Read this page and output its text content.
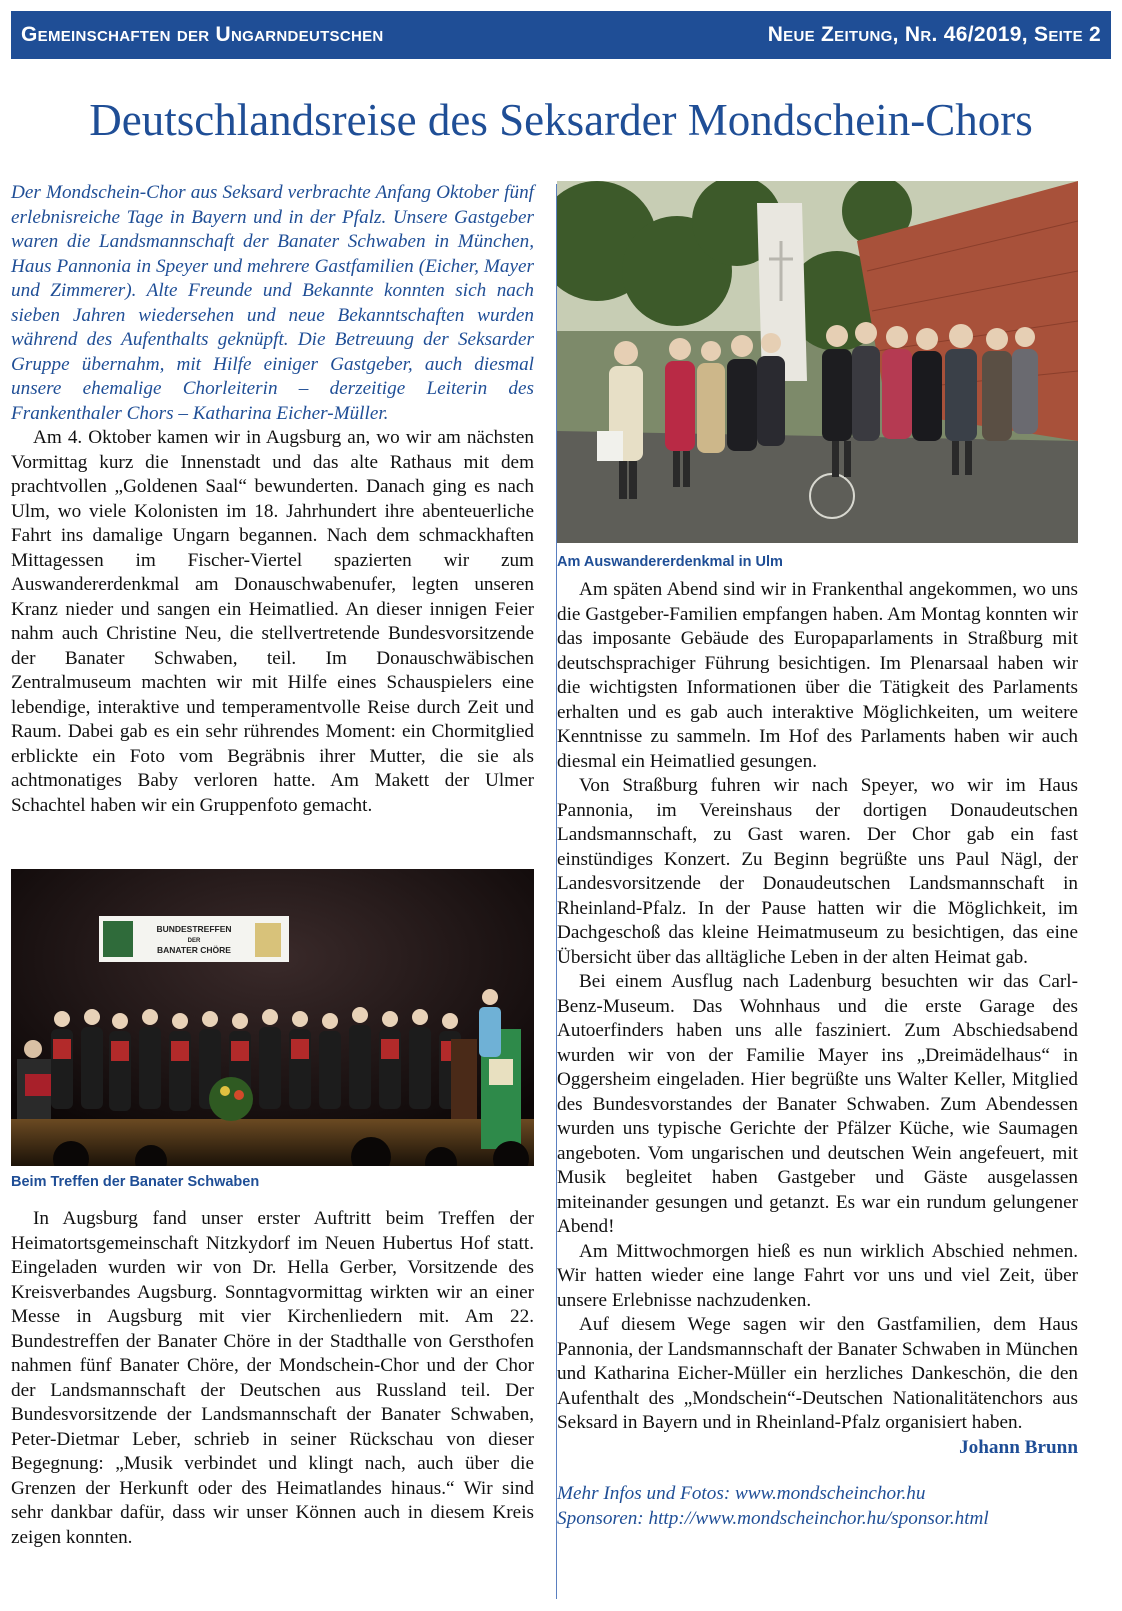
Gemeinschaften der Ungarndeutschen	Neue Zeitung, Nr. 46/2019, Seite 2
Deutschlandsreise des Seksarder Mondschein-Chors

Der Mondschein-Chor aus Seksard verbrachte Anfang Oktober fünf erlebnisreiche Tage in Bayern und in der Pfalz. Unsere Gastgeber waren die Landsmannschaft der Banater Schwaben in München, Haus Pannonia in Speyer und mehrere Gastfamilien (Eicher, Mayer und Zimmerer). Alte Freunde und Bekannte konnten sich nach sieben Jahren wiedersehen und neue Bekanntschaften wurden während des Aufenthalts geknüpft. Die Betreuung der Seksarder Gruppe übernahm, mit Hilfe einiger Gastgeber, auch diesmal unsere ehemalige Chorleiterin – derzeitige Leiterin des Frankenthaler Chors – Katharina Eicher-Müller.

Am 4. Oktober kamen wir in Augsburg an, wo wir am nächsten Vormittag kurz die Innenstadt und das alte Rathaus mit dem prachtvollen „Goldenen Saal“ bewunderten. Danach ging es nach Ulm, wo viele Kolonisten im 18. Jahrhundert ihre abenteuerliche Fahrt ins damalige Ungarn begannen. Nach dem schmackhaften Mittagessen im Fischer-Viertel spazierten wir zum Auswandererdenkmal am Donauschwabenufer, legten unseren Kranz nieder und sangen ein Heimatlied. An dieser innigen Feier nahm auch Christine Neu, die stellvertretende Bundesvorsitzende der Banater Schwaben, teil. Im Donauschwäbischen Zentralmuseum machten wir mit Hilfe eines Schauspielers eine lebendige, interaktive und temperamentvolle Reise durch Zeit und Raum. Dabei gab es ein sehr rührendes Moment: ein Chormitglied erblickte ein Foto vom Begräbnis ihrer Mutter, die sie als achtmonatiges Baby verloren hatte. Am Makett der Ulmer Schachtel haben wir ein Gruppenfoto gemacht.

BUNDESTREFFEN
DER
BANATER CHÖRE
Beim Treffen der Banater Schwaben

In Augsburg fand unser erster Auftritt beim Treffen der Heimatortsgemeinschaft Nitzkydorf im Neuen Hubertus Hof statt. Eingeladen wurden wir von Dr. Hella Gerber, Vorsitzende des Kreisverbandes Augsburg. Sonntagvormittag wirkten wir an einer Messe in Augsburg mit vier Kirchenliedern mit. Am 22. Bundestreffen der Banater Chöre in der Stadthalle von Gersthofen nahmen fünf Banater Chöre, der Mondschein-Chor und der Chor der Landsmannschaft der Deutschen aus Russland teil. Der Bundesvorsitzende der Landsmannschaft der Banater Schwaben, Peter-Dietmar Leber, schrieb in seiner Rückschau von dieser Begegnung: „Musik verbindet und klingt nach, auch über die Grenzen der Herkunft oder des Heimatlandes hinaus.“ Wir sind sehr dankbar dafür, dass wir unser Können auch in diesem Kreis zeigen konnten.

Am Auswandererdenkmal in Ulm

Am späten Abend sind wir in Frankenthal angekommen, wo uns die Gastgeber-Familien empfangen haben. Am Montag konnten wir das imposante Gebäude des Europaparlaments in Straßburg mit deutschsprachiger Führung besichtigen. Im Plenarsaal haben wir die wichtigsten Informationen über die Tätigkeit des Parlaments erhalten und es gab auch interaktive Möglichkeiten, um weitere Kenntnisse zu sammeln. Im Hof des Parlaments haben wir auch diesmal ein Heimatlied gesungen.

Von Straßburg fuhren wir nach Speyer, wo wir im Haus Pannonia, im Vereinshaus der dortigen Donaudeutschen Landsmannschaft, zu Gast waren. Der Chor gab ein fast einstündiges Konzert. Zu Beginn begrüßte uns Paul Nägl, der Landesvorsitzende der Donaudeutschen Landsmannschaft in Rheinland-Pfalz. In der Pause hatten wir die Möglichkeit, im Dachgeschoß das kleine Heimatmuseum zu besichtigen, das eine Übersicht über das alltägliche Leben in der alten Heimat gab.

Bei einem Ausflug nach Ladenburg besuchten wir das Carl-Benz-Museum. Das Wohnhaus und die erste Garage des Autoerfinders haben uns alle fasziniert. Zum Abschiedsabend wurden wir von der Familie Mayer ins „Dreimädelhaus“ in Oggersheim eingeladen. Hier begrüßte uns Walter Keller, Mitglied des Bundesvorstandes der Banater Schwaben. Zum Abendessen wurden uns typische Gerichte der Pfälzer Küche, wie Saumagen angeboten. Vom ungarischen und deutschen Wein angefeuert, mit Musik begleitet haben Gastgeber und Gäste ausgelassen miteinander gesungen und getanzt. Es war ein rundum gelungener Abend!

Am Mittwochmorgen hieß es nun wirklich Abschied nehmen. Wir hatten wieder eine lange Fahrt vor uns und viel Zeit, über unsere Erlebnisse nachzudenken.

Auf diesem Wege sagen wir den Gastfamilien, dem Haus Pannonia, der Landsmannschaft der Banater Schwaben in München und Katharina Eicher-Müller ein herzliches Dankeschön, die den Aufenthalt des „Mondschein“-Deutschen Nationalitätenchors aus Seksard in Bayern und in Rheinland-Pfalz organisiert haben.

Johann Brunn

Mehr Infos und Fotos: www.mondscheinchor.hu

Sponsoren: http://www.mondscheinchor.hu/sponsor.html
